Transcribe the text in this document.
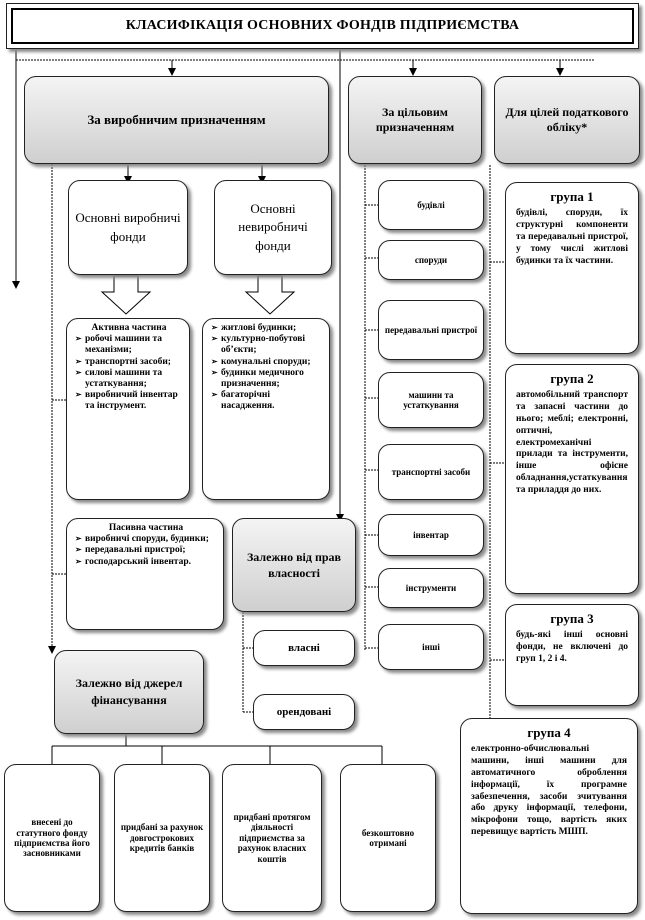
КЛАСИФІКАЦІЯ ОСНОВНИХ ФОНДІВ ПІДПРИЄМСТВА
За виробничим призначенням	За цільовим призначенням
Для цілей податкового обліку*
Основні виробничі фонди
Основні невиробничі фонди
Активна частина
➢ робочі машини та механізми;
➢ транспортні засоби;
➢ силові машини та устаткування;
➢ виробничий інвентар та інструмент.
➢ житлові будинки;
➢ культурно-побутові об’єкти;
➢ комунальні споруди;
➢ будинки медичного призначення;
➢ багаторічні насадження.
Пасивна частина
➢ виробничі споруди, будинки;
➢ передавальні пристрої;
➢ господарський інвентар.	Залежно від прав власності
власні
орендовані
Залежно від джерел фінансування
внесені до статутного фонду підприємства його засновниками
придбані за рахунок довгострокових кредитів банків
придбані протягом діяльності підприємства за рахунок власних коштів
безкоштовно отримані
будівлі
споруди
передавальні пристрої
машини та устаткування
транспортні засоби
інвентар
інструменти
інші
група 1
будівлі, споруди, їх структурні компоненти та передавальні пристрої, у тому числі житлові будинки та їх частини.
група 2
автомобільний транспорт та запасні частини до нього; меблі; електронні, оптичні, електромеханічні прилади та інструменти, інше офісне обладнання,устаткування та приладдя до них.
група 3
будь-які інші основні фонди, не включені до груп 1, 2 і 4.
група 4
електронно-обчислювальні машини, інші машини для автоматичного оброблення інформації, їх програмне забезпечення, засоби зчитування або друку інформації, телефони, мікрофони тощо, вартість яких перевищує вартість МШП.
